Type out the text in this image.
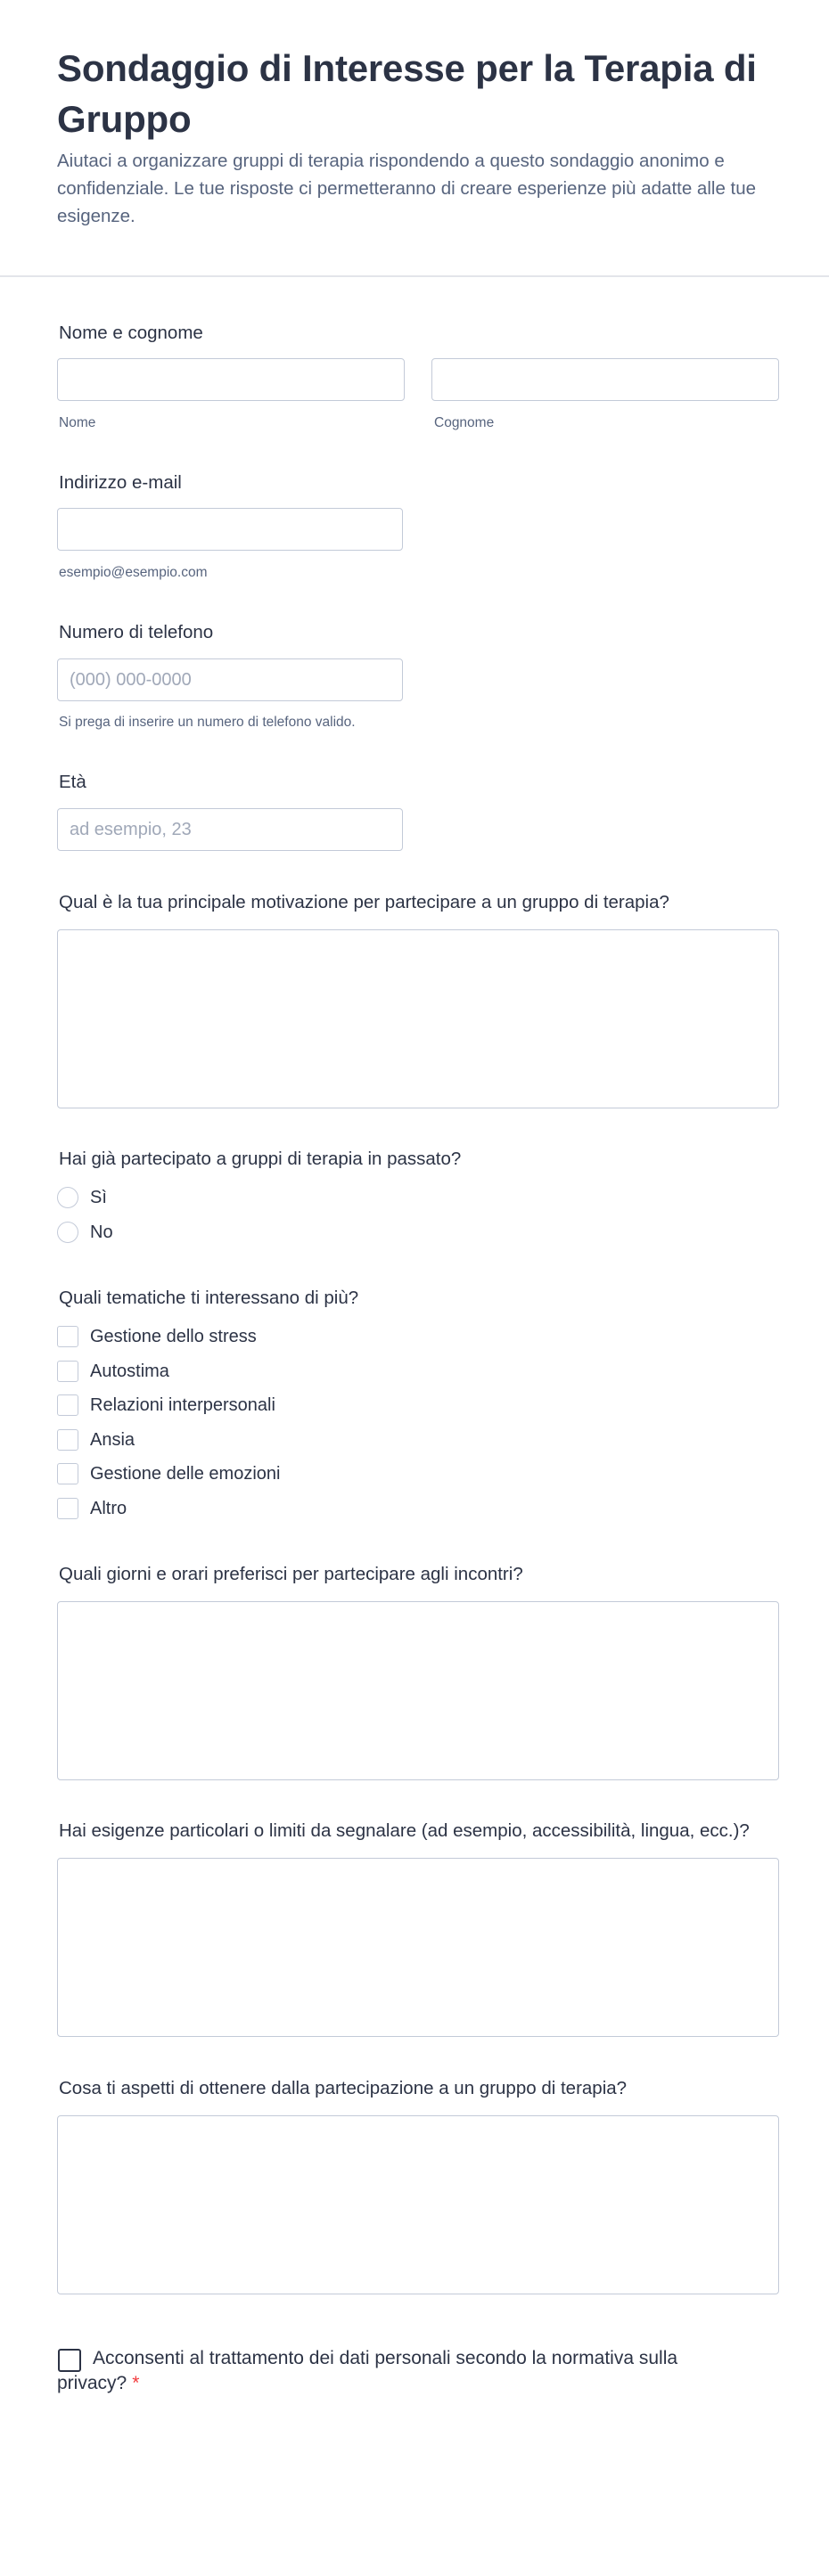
Sondaggio di Interesse per la Terapia di Gruppo

Aiutaci a organizzare gruppi di terapia rispondendo a questo sondaggio anonimo e confidenziale. Le tue risposte ci permetteranno di creare esperienze più adatte alle tue esigenze.

Nome e cognome
Nome	Cognome
Indirizzo e-mail
esempio@esempio.com
Numero di telefono
(000) 000-0000
Si prega di inserire un numero di telefono valido.
Età
ad esempio, 23
Qual è la tua principale motivazione per partecipare a un gruppo di terapia?
Hai già partecipato a gruppi di terapia in passato?
Sì
No
Quali tematiche ti interessano di più?
Gestione dello stress
Autostima
Relazioni interpersonali
Ansia
Gestione delle emozioni
Altro
Quali giorni e orari preferisci per partecipare agli incontri?
Hai esigenze particolari o limiti da segnalare (ad esempio, accessibilità, lingua, ecc.)?
Cosa ti aspetti di ottenere dalla partecipazione a un gruppo di terapia?
Acconsenti al trattamento dei dati personali secondo la normativa sulla privacy? *
